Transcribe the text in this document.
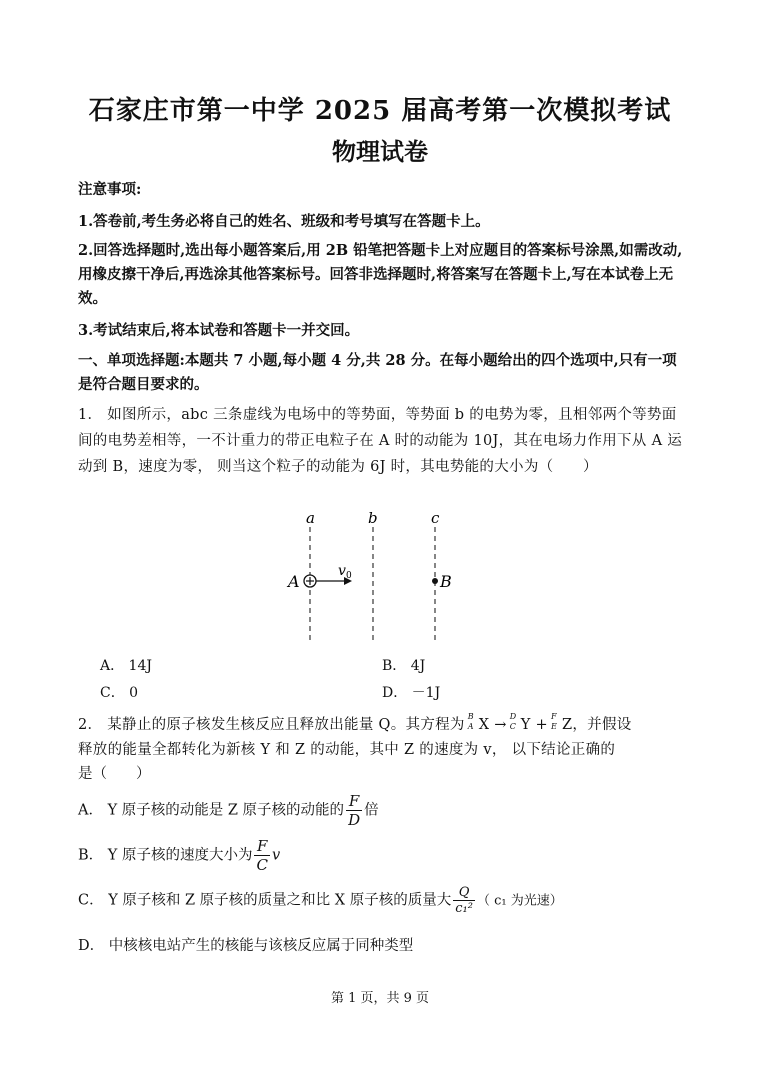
石家庄市第一中学 2025 届高考第一次模拟考试
物理试卷
注意事项:
1.答卷前,考生务必将自己的姓名、班级和考号填写在答题卡上。
2.回答选择题时,选出每小题答案后,用 2B 铅笔把答题卡上对应题目的答案标号涂黑,如需改动,用橡皮擦干净后,再选涂其他答案标号。回答非选择题时,将答案写在答题卡上,写在本试卷上无效。
3.考试结束后,将本试卷和答题卡一并交回。
一、单项选择题:本题共 7 小题,每小题 4 分,共 28 分。在每小题给出的四个选项中,只有一项是符合题目要求的。
1． 如图所示，abc 三条虚线为电场中的等势面，等势面 b 的电势为零，且相邻两个等势面间的电势差相等，一不计重力的带正电粒子在 A 时的动能为 10J，其在电场力作用下从 A 运动到 B，速度为零， 则当这个粒子的动能为 6J 时，其电势能的大小为（　　）
a	b	c
A
v 0	B
A． 14J	B． 4J
C． 0	D． －1J
2． 某静止的原子核发生核反应且释放出能量 Q。其方程为
B
A X →
D
C Y +
F
E Z，并假设
释放的能量全都转化为新核 Y 和 Z 的动能，其中 Z 的速度为 v， 以下结论正确的
是（　　）
A． Y 原子核的动能是 Z 原子核的动能的 $\frac{F}{D}$ 倍
B． Y 原子核的速度大小为 $\frac{F}{C}$ v
C． Y 原子核和 Z 原子核的质量之和比 X 原子核的质量大 $\frac{Q}{\text{c₁²}}$ （ c₁ 为光速）
D． 中核核电站产生的核能与该核反应属于同种类型
第 1 页，共 9 页
